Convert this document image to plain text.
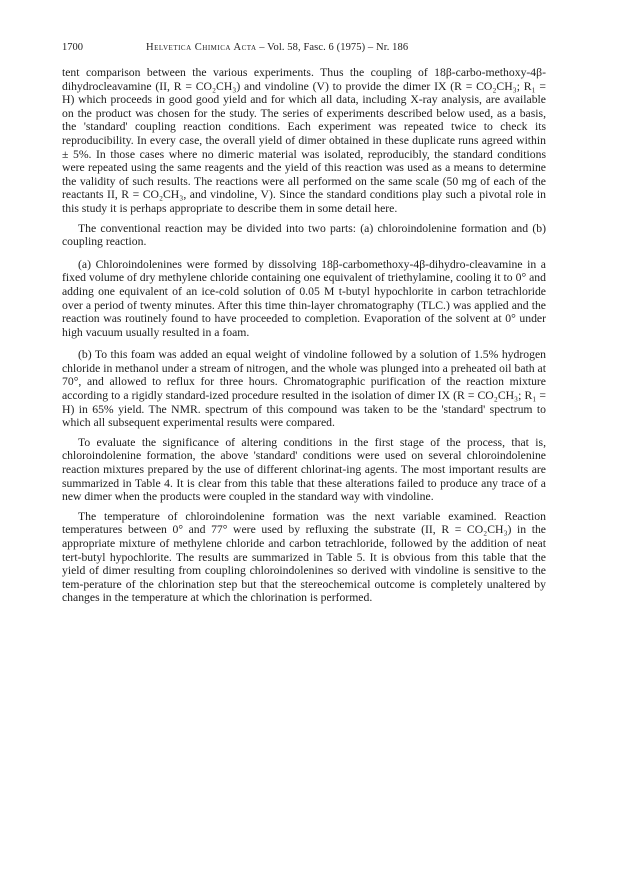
1700	Helvetica Chimica Acta – Vol. 58, Fasc. 6 (1975) – Nr. 186

tent comparison between the various experiments. Thus the coupling of 18β-carbo-methoxy-4β-dihydrocleavamine (II, R = CO₂CH₃) and vindoline (V) to provide the dimer IX (R = CO₂CH₃; R₁ = H) which proceeds in good good yield and for which all data, including X-ray analysis, are available on the product was chosen for the study. The series of experiments described below used, as a basis, the 'standard' coupling reaction conditions. Each experiment was repeated twice to check its reproducibility. In every case, the overall yield of dimer obtained in these duplicate runs agreed within ± 5%. In those cases where no dimeric material was isolated, reproducibly, the standard conditions were repeated using the same reagents and the yield of this reaction was used as a means to determine the validity of such results. The reactions were all performed on the same scale (50 mg of each of the reactants II, R = CO₂CH₃, and vindoline, V). Since the standard conditions play such a pivotal role in this study it is perhaps appropriate to describe them in some detail here.

The conventional reaction may be divided into two parts: (a) chloroindolenine formation and (b) coupling reaction.

(a) Chloroindolenines were formed by dissolving 18β-carbomethoxy-4β-dihydro-cleavamine in a fixed volume of dry methylene chloride containing one equivalent of triethylamine, cooling it to 0° and adding one equivalent of an ice-cold solution of 0.05 M t-butyl hypochlorite in carbon tetrachloride over a period of twenty minutes. After this time thin-layer chromatography (TLC.) was applied and the reaction was routinely found to have proceeded to completion. Evaporation of the solvent at 0° under high vacuum usually resulted in a foam.

(b) To this foam was added an equal weight of vindoline followed by a solution of 1.5% hydrogen chloride in methanol under a stream of nitrogen, and the whole was plunged into a preheated oil bath at 70°, and allowed to reflux for three hours. Chromatographic purification of the reaction mixture according to a rigidly standard-ized procedure resulted in the isolation of dimer IX (R = CO₂CH₃; R₁ = H) in 65% yield. The NMR. spectrum of this compound was taken to be the 'standard' spectrum to which all subsequent experimental results were compared.

To evaluate the significance of altering conditions in the first stage of the process, that is, chloroindolenine formation, the above 'standard' conditions were used on several chloroindolenine reaction mixtures prepared by the use of different chlorinat-ing agents. The most important results are summarized in Table 4. It is clear from this table that these alterations failed to produce any trace of a new dimer when the products were coupled in the standard way with vindoline.

The temperature of chloroindolenine formation was the next variable examined. Reaction temperatures between 0° and 77° were used by refluxing the substrate (II, R = CO₂CH₃) in the appropriate mixture of methylene chloride and carbon tetrachloride, followed by the addition of neat tert-butyl hypochlorite. The results are summarized in Table 5. It is obvious from this table that the yield of dimer resulting from coupling chloroindolenines so derived with vindoline is sensitive to the tem-perature of the chlorination step but that the stereochemical outcome is completely unaltered by changes in the temperature at which the chlorination is performed.
